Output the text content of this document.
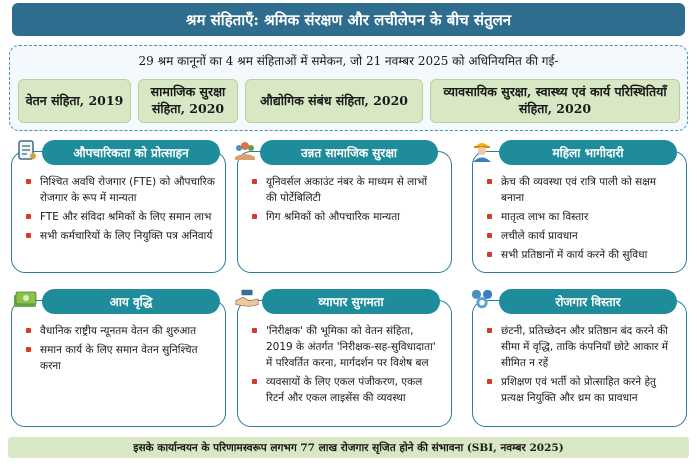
श्रम संहिताएँ: श्रमिक संरक्षण और लचीलेपन के बीच संतुलन
29 श्रम कानूनों का 4 श्रम संहिताओं में समेकन, जो 21 नवम्बर 2025 को अधिनियमित की गई-
वेतन संहिता, 2019
सामाजिक सुरक्षा संहिता, 2020
औद्योगिक संबंध संहिता, 2020
व्यावसायिक सुरक्षा, स्वास्थ्य एवं कार्य परिस्थितियाँ संहिता, 2020
औपचारिकता को प्रोत्साहन
निश्चित अवधि रोजगार (FTE) को औपचारिक रोजगार के रूप में मान्यता
FTE और संविदा श्रमिकों के लिए समान लाभ
सभी कर्मचारियों के लिए नियुक्ति पत्र अनिवार्य
उन्नत सामाजिक सुरक्षा
यूनिवर्सल अकाउंट नंबर के माध्यम से लाभों की पोर्टेबिलिटी
गिग श्रमिकों को औपचारिक मान्यता
महिला भागीदारी
क्रेच की व्यवस्था एवं रात्रि पाली को सक्षम बनाना
मातृत्व लाभ का विस्तार
लचीले कार्य प्रावधान
सभी प्रतिष्ठानों में कार्य करने की सुविधा
आय वृद्धि
वैधानिक राष्ट्रीय न्यूनतम वेतन की शुरुआत
समान कार्य के लिए समान वेतन सुनिश्चित करना
व्यापार सुगमता
'निरीक्षक' की भूमिका को वेतन संहिता, 2019 के अंतर्गत 'निरीक्षक-सह-सुविधादाता' में परिवर्तित करना, मार्गदर्शन पर विशेष बल
व्यवसायों के लिए एकल पंजीकरण, एकल रिटर्न और एकल लाइसेंस की व्यवस्था
रोजगार विस्तार
छंटनी, प्रतिच्छेदन और प्रतिष्ठान बंद करने की सीमा में वृद्धि, ताकि कंपनियाँ छोटे आकार में सीमित न रहें
प्रशिक्षण एवं भर्ती को प्रोत्साहित करने हेतु प्रत्यक्ष नियुक्ति और थ्रम का प्रावधान
इसके कार्यान्वयन के परिणामस्वरूप लगभग 77 लाख रोजगार सृजित होने की संभावना (SBI, नवम्बर 2025)
